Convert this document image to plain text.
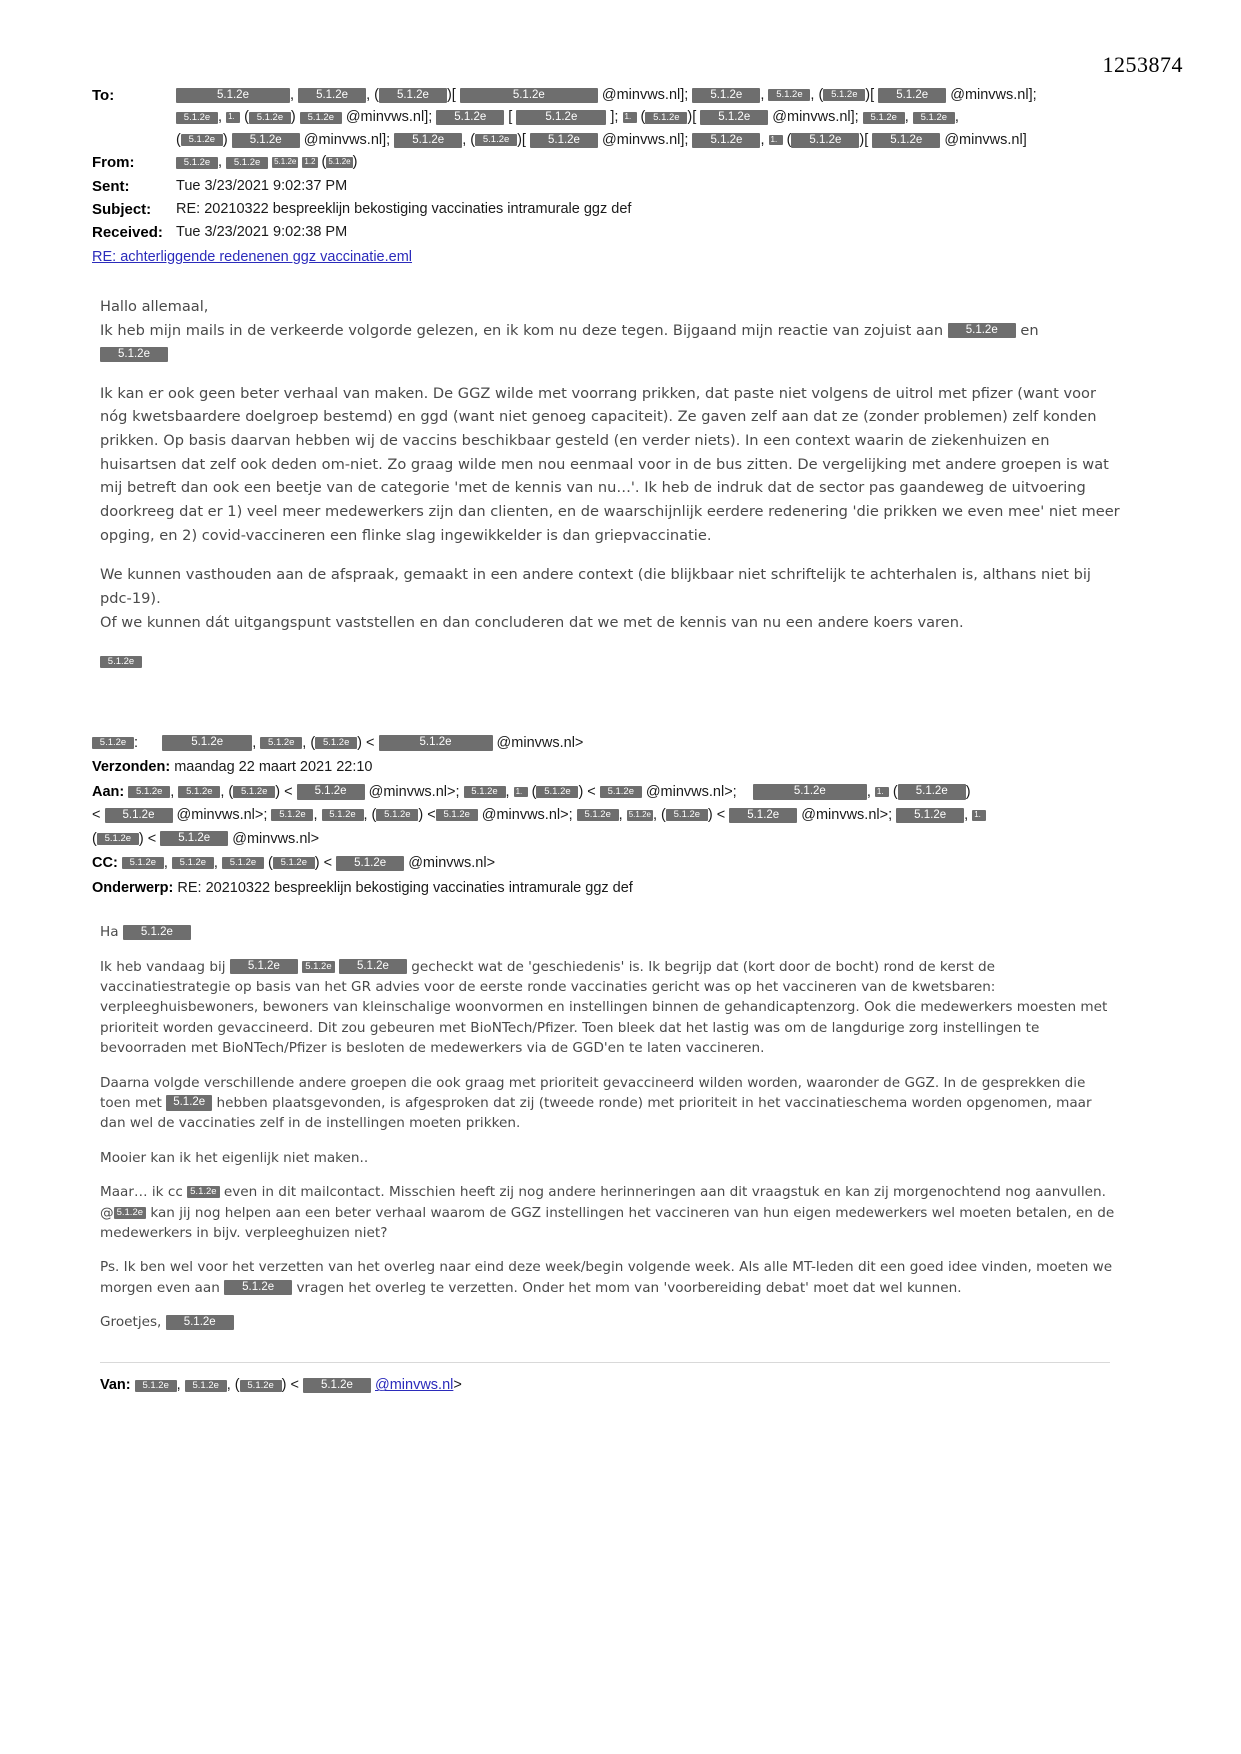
1253874
To:	5.1.2e	, 5.1.2e , ( 5.1.2e )[	5.1.2e	@minvws.nl]; 5.1.2e , 5.1.2e , ( 5.1.2e )[ 5.1.2e @minvws.nl];
5.1.2e , 1. ( 5.1.2e ) 5.1.2e @minvws.nl]; 5.1.2e [	5.1.2e ]; 1. ( 5.1.2e )[ 5.1.2e @minvws.nl]; 5.1.2e , 5.1.2e ,
( 5.1.2e ) 5.1.2e @minvws.nl]; 5.1.2e , ( 5.1.2e )[ 5.1.2e @minvws.nl]; 5.1.2e , 1. ( 5.1.2e )[ 5.1.2e @minvws.nl]
From:	5.1.2e , 5.1.2e 5.1.2e 1.2 ( 5.1.2e )
Sent:	Tue 3/23/2021 9:02:37 PM
Subject:	RE: 20210322 bespreeklijn bekostiging vaccinaties intramurale ggz def
Received: Tue 3/23/2021 9:02:38 PM
RE: achterliggende redenenen ggz vaccinatie.eml

Hallo allemaal,

Ik heb mijn mails in de verkeerde volgorde gelezen, en ik kom nu deze tegen. Bijgaand mijn reactie van zojuist aan 5.1.2e en
5.1.2e

Ik kan er ook geen beter verhaal van maken. De GGZ wilde met voorrang prikken, dat paste niet volgens de uitrol met pfizer (want voor nóg kwetsbaardere doelgroep bestemd) en ggd (want niet genoeg capaciteit). Ze gaven zelf aan dat ze (zonder problemen) zelf konden prikken. Op basis daarvan hebben wij de vaccins beschikbaar gesteld (en verder niets). In een context waarin de ziekenhuizen en huisartsen dat zelf ook deden om-niet. Zo graag wilde men nou eenmaal voor in de bus zitten. De vergelijking met andere groepen is wat mij betreft dan ook een beetje van de categorie 'met de kennis van nu…'. Ik heb de indruk dat de sector pas gaandeweg de uitvoering doorkreeg dat er 1) veel meer medewerkers zijn dan clienten, en de waarschijnlijk eerdere redenering 'die prikken we even mee' niet meer opging, en 2) covid-vaccineren een flinke slag ingewikkelder is dan griepvaccinatie.

We kunnen vasthouden aan de afspraak, gemaakt in een andere context (die blijkbaar niet schriftelijk te achterhalen is, althans niet bij pdc-19).

Of we kunnen dát uitgangspunt vaststellen en dan concluderen dat we met de kennis van nu een andere koers varen.

5.1.2e

5.1.2e :	5.1.2e , 5.1.2e , ( 5.1.2e ) <	5.1.2e	@minvws.nl>
Verzonden: maandag 22 maart 2021 22:10
Aan: 5.1.2e , 5.1.2e , ( 5.1.2e ) < 5.1.2e @minvws.nl>; 5.1.2e , 1. ( 5.1.2e ) < 5.1.2e @minvws.nl>;	5.1.2e	, 1. ( 5.1.2e )
< 5.1.2e @minvws.nl>; 5.1.2e , 5.1.2e , ( 5.1.2e ) < 5.1.2e @minvws.nl>; 5.1.2e , 5.1.2e , ( 5.1.2e ) < 5.1.2e @minvws.nl>; 5.1.2e , 1.
( 5.1.2e ) < 5.1.2e @minvws.nl>
CC: 5.1.2e , 5.1.2e , 5.1.2e ( 5.1.2e ) < 5.1.2e @minvws.nl>
Onderwerp: RE: 20210322 bespreeklijn bekostiging vaccinaties intramurale ggz def

Ha 5.1.2e

Ik heb vandaag bij 5.1.2e	5.1.2e 5.1.2e gecheckt wat de 'geschiedenis' is. Ik begrijp dat (kort door de bocht) rond de kerst de vaccinatiestrategie op basis van het GR advies voor de eerste ronde vaccinaties gericht was op het vaccineren van de kwetsbaren: verpleeghuisbewoners, bewoners van kleinschalige woonvormen en instellingen binnen de gehandicaptenzorg. Ook die medewerkers moesten met prioriteit worden gevaccineerd. Dit zou gebeuren met BioNTech/Pfizer. Toen bleek dat het lastig was om de langdurige zorg instellingen te bevoorraden met BioNTech/Pfizer is besloten de medewerkers via de GGD'en te laten vaccineren.

Daarna volgde verschillende andere groepen die ook graag met prioriteit gevaccineerd wilden worden, waaronder de GGZ. In de gesprekken die toen met 5.1.2e hebben plaatsgevonden, is afgesproken dat zij (tweede ronde) met prioriteit in het vaccinatieschema worden opgenomen, maar dan wel de vaccinaties zelf in de instellingen moeten prikken.

Mooier kan ik het eigenlijk niet maken..

Maar… ik cc 5.1.2e even in dit mailcontact. Misschien heeft zij nog andere herinneringen aan dit vraagstuk en kan zij morgenochtend nog aanvullen. @ 5.1.2e kan jij nog helpen aan een beter verhaal waarom de GGZ instellingen het vaccineren van hun eigen medewerkers wel moeten betalen, en de medewerkers in bijv. verpleeghuizen niet?

Ps. Ik ben wel voor het verzetten van het overleg naar eind deze week/begin volgende week. Als alle MT-leden dit een goed idee vinden, moeten we morgen even aan 5.1.2e vragen het overleg te verzetten. Onder het mom van 'voorbereiding debat' moet dat wel kunnen.

Groetjes, 5.1.2e

Van: 5.1.2e , 5.1.2e , ( 5.1.2e ) < 5.1.2e @minvws.nl>
